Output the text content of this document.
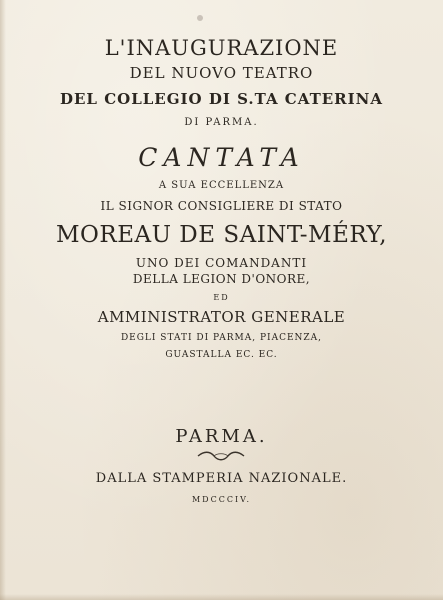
L'INAUGURAZIONE
DEL NUOVO TEATRO
DEL COLLEGIO DI S.TA CATERINA
DI PARMA.
CANTATA
A SUA ECCELLENZA
IL SIGNOR CONSIGLIERE DI STATO
MOREAU DE SAINT-MÉRY,
UNO DEI COMANDANTI
DELLA LEGION D'ONORE,
ED
AMMINISTRATOR GENERALE
DEGLI STATI DI PARMA, PIACENZA,
GUASTALLA EC. EC.
PARMA.
DALLA STAMPERIA NAZIONALE.
MDCCCIV.
